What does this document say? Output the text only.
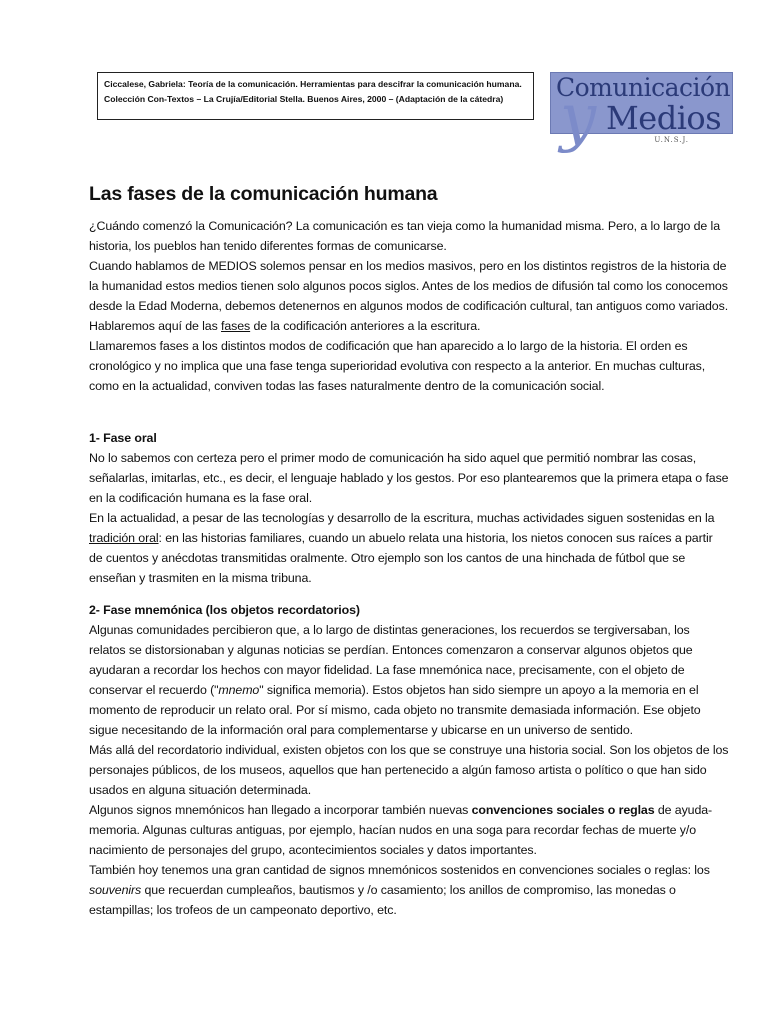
Ciccalese, Gabriela: Teoría de la comunicación. Herramientas para descifrar la comunicación humana.
Colección Con-Textos – La Crujía/Editorial Stella. Buenos Aires, 2000 – (Adaptación de la cátedra)	Comunicación
y Medios
U.N.S.J.
Las fases de la comunicación humana

¿Cuándo comenzó la Comunicación? La comunicación es tan vieja como la humanidad misma. Pero, a lo largo de la historia, los pueblos han tenido diferentes formas de comunicarse.

Cuando hablamos de MEDIOS solemos pensar en los medios masivos, pero en los distintos registros de la historia de la humanidad estos medios tienen solo algunos pocos siglos. Antes de los medios de difusión tal como los conocemos desde la Edad Moderna, debemos detenernos en algunos modos de codificación cultural, tan antiguos como variados. Hablaremos aquí de las fases de la codificación anteriores a la escritura.

Llamaremos fases a los distintos modos de codificación que han aparecido a lo largo de la historia. El orden es cronológico y no implica que una fase tenga superioridad evolutiva con respecto a la anterior. En muchas culturas, como en la actualidad, conviven todas las fases naturalmente dentro de la comunicación social.

1- Fase oral

No lo sabemos con certeza pero el primer modo de comunicación ha sido aquel que permitió nombrar las cosas, señalarlas, imitarlas, etc., es decir, el lenguaje hablado y los gestos. Por eso plantearemos que la primera etapa o fase en la codificación humana es la fase oral.

En la actualidad, a pesar de las tecnologías y desarrollo de la escritura, muchas actividades siguen sostenidas en la tradición oral: en las historias familiares, cuando un abuelo relata una historia, los nietos conocen sus raíces a partir de cuentos y anécdotas transmitidas oralmente. Otro ejemplo son los cantos de una hinchada de fútbol que se enseñan y trasmiten en la misma tribuna.

2- Fase mnemónica (los objetos recordatorios)

Algunas comunidades percibieron que, a lo largo de distintas generaciones, los recuerdos se tergiversaban, los relatos se distorsionaban y algunas noticias se perdían. Entonces comenzaron a conservar algunos objetos que ayudaran a recordar los hechos con mayor fidelidad. La fase mnemónica nace, precisamente, con el objeto de conservar el recuerdo ("mnemo" significa memoria). Estos objetos han sido siempre un apoyo a la memoria en el momento de reproducir un relato oral. Por sí mismo, cada objeto no transmite demasiada información. Ese objeto sigue necesitando de la información oral para complementarse y ubicarse en un universo de sentido.

Más allá del recordatorio individual, existen objetos con los que se construye una historia social. Son los objetos de los personajes públicos, de los museos, aquellos que han pertenecido a algún famoso artista o político o que han sido usados en alguna situación determinada.

Algunos signos mnemónicos han llegado a incorporar también nuevas convenciones sociales o reglas de ayuda-memoria. Algunas culturas antiguas, por ejemplo, hacían nudos en una soga para recordar fechas de muerte y/o nacimiento de personajes del grupo, acontecimientos sociales y datos importantes.

También hoy tenemos una gran cantidad de signos mnemónicos sostenidos en convenciones sociales o reglas: los souvenirs que recuerdan cumpleaños, bautismos y /o casamiento; los anillos de compromiso, las monedas o estampillas; los trofeos de un campeonato deportivo, etc.
